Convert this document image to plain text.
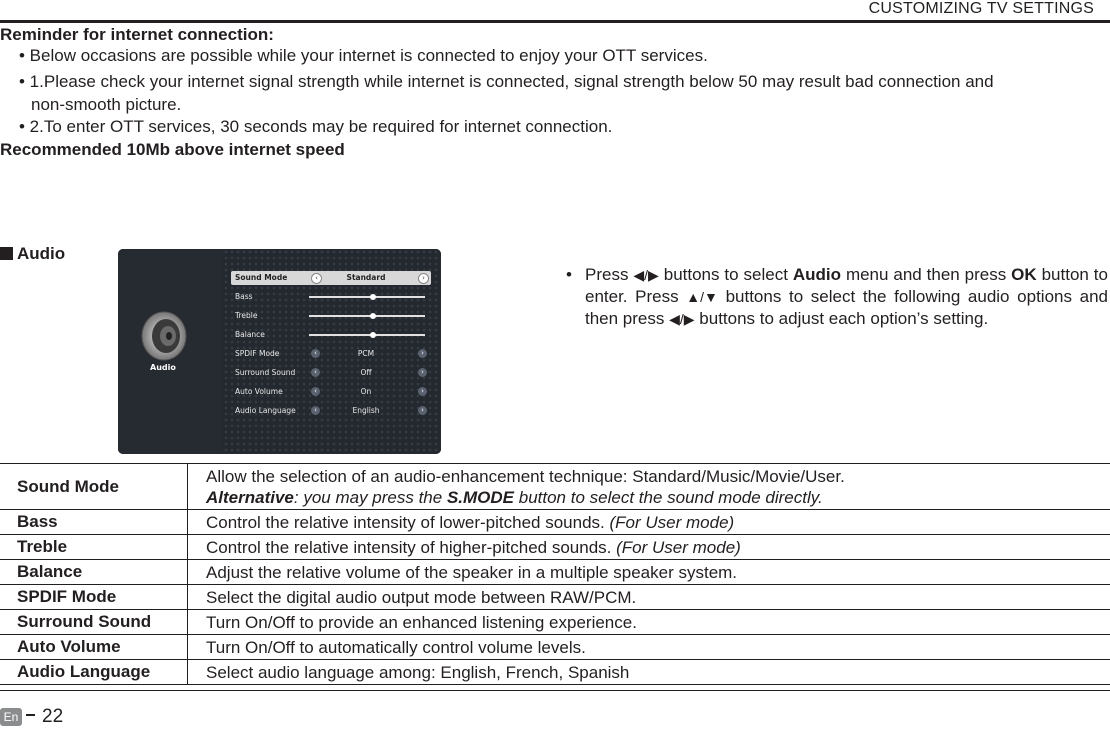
CUSTOMIZING TV SETTINGS
Reminder for internet connection:
• Below occasions are possible while your internet is connected to enjoy your OTT services.
• 1.Please check your internet signal strength while internet is connected, signal strength below 50 may result bad connection and
non-smooth picture.
• 2.To enter OTT services, 30 seconds may be required for internet connection.
Recommended 10Mb above internet speed
Audio
Audio
Sound Mode	‹	Standard	›
Bass
Treble
Balance
SPDIF Mode	‹	PCM	›
Surround Sound	‹	Off	›
Auto Volume	‹	On	›
Audio Language	‹	English	›
• Press ◀/▶ buttons to select Audio menu and then press OK button to enter. Press ▲/▼ buttons to select the following audio options and then press ◀/▶ buttons to adjust each option’s setting.
Sound Mode	Allow the selection of an audio-enhancement technique: Standard/Music/Movie/User.
Alternative: you may press the S.MODE button to select the sound mode directly.

Bass	Control the relative intensity of lower-pitched sounds. (For User mode)
Treble	Control the relative intensity of higher-pitched sounds. (For User mode)
Balance	Adjust the relative volume of the speaker in a multiple speaker system.
SPDIF Mode	Select the digital audio output mode between RAW/PCM.
Surround Sound	Turn On/Off to provide an enhanced listening experience.
Auto Volume	Turn On/Off to automatically control volume levels.
Audio Language	Select audio language among: English, French, Spanish
En 22
